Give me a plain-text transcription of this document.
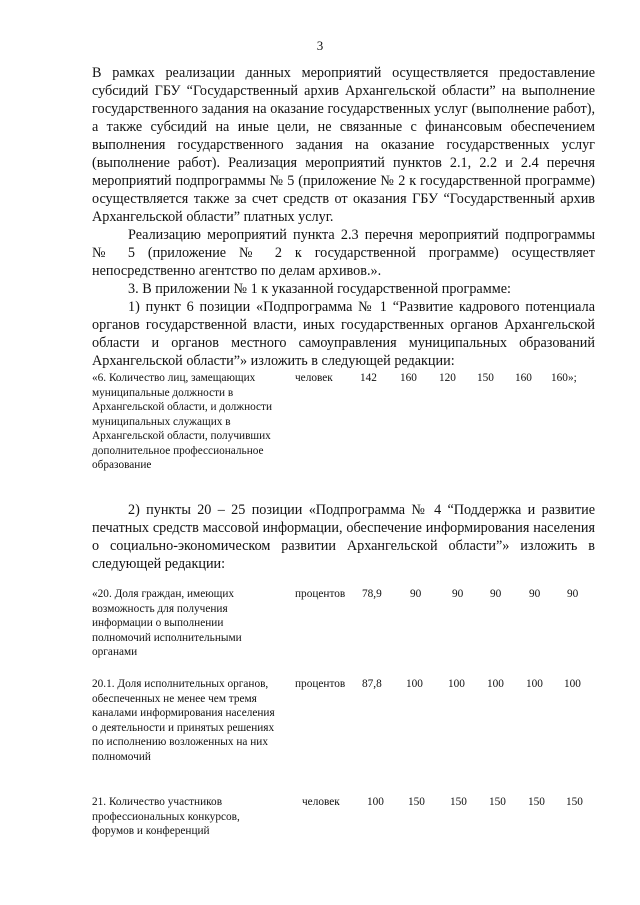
3

В рамках реализации данных мероприятий осуществляется предоставление субсидий ГБУ “Государственный архив Архангельской области” на выполнение государственного задания на оказание государственных услуг (выполнение работ), а также субсидий на иные цели, не связанные с финансовым обеспечением выполнения государственного задания на оказание государственных услуг (выполнение работ). Реализация мероприятий пунктов 2.1, 2.2 и 2.4 перечня мероприятий подпрограммы № 5 (приложение № 2 к государственной программе) осуществляется также за счет средств от оказания ГБУ “Государственный архив Архангельской области” платных услуг.

Реализацию мероприятий пункта 2.3 перечня мероприятий подпрограммы № 5 (приложение № 2 к государственной программе) осуществляет непосредственно агентство по делам архивов.».

3. В приложении № 1 к указанной государственной программе:

1) пункт 6 позиции «Подпрограмма № 1 “Развитие кадрового потенциала органов государственной власти, иных государственных органов Архангельской области и органов местного самоуправления муниципальных образований Архангельской области”» изложить в следующей редакции:

«6. Количество лиц, замещающих муниципальные должности в Архангельской области, и должности муниципальных служащих в Архангельской области, получивших дополнительное профессиональное образование
человек 142 160 120 150 160 160»;

2) пункты 20 – 25 позиции «Подпрограмма № 4 “Поддержка и развитие печатных средств массовой информации, обеспечение информирования населения о социально-экономическом развитии Архангельской области”» изложить в следующей редакции:

«20. Доля граждан, имеющих возможность для получения информации о выполнении полномочий исполнительными органами
процентов 78,9 90	90 90 90 90
20.1. Доля исполнительных органов, обеспеченных не менее чем тремя каналами информирования населения о деятельности и принятых решениях по исполнению возложенных на них полномочий
процентов 87,8 100 100 100 100 100
21. Количество участников профессиональных конкурсов, форумов и конференций
человек 100 150 150 150 150 150
